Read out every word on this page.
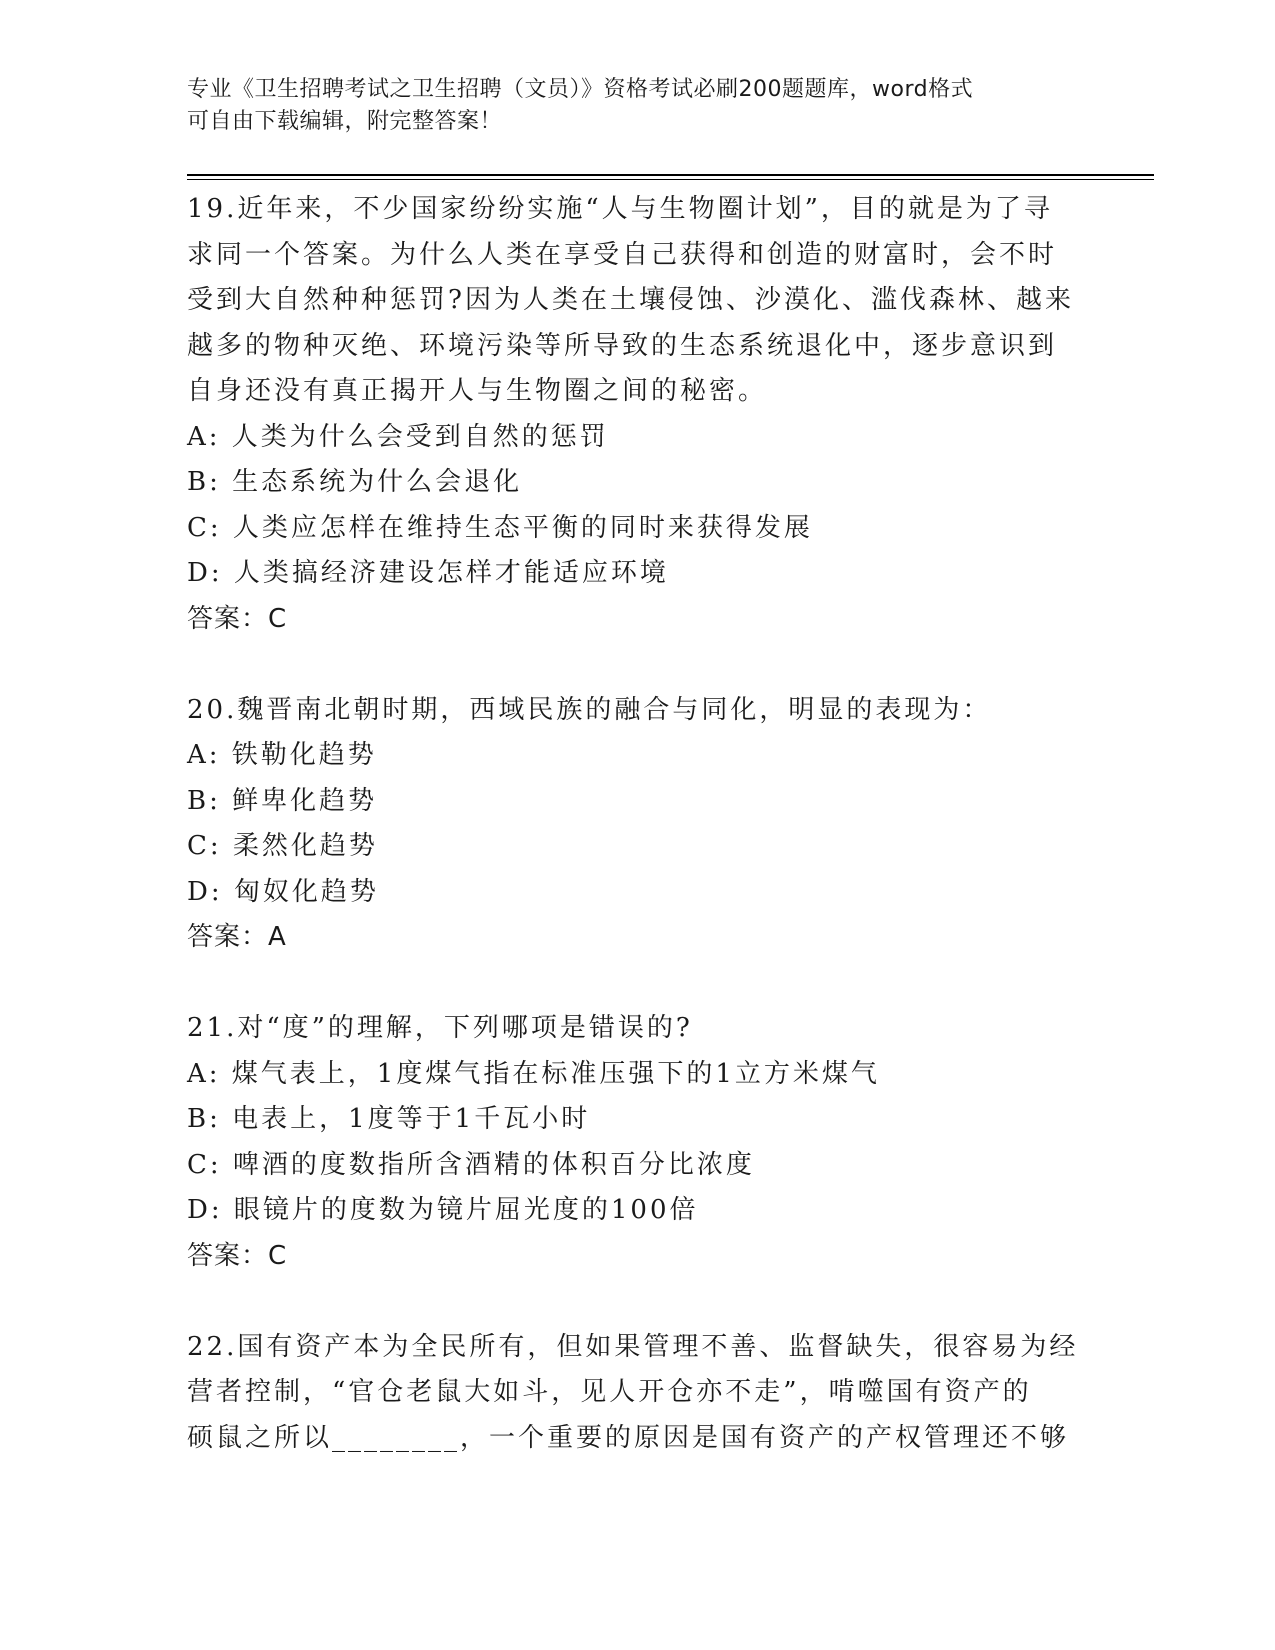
专业《卫生招聘考试之卫生招聘（文员）》资格考试必刷200题题库，word格式
可自由下载编辑，附完整答案！

19.近年来，不少国家纷纷实施“人与生物圈计划”，目的就是为了寻

求同一个答案。为什么人类在享受自己获得和创造的财富时，会不时

受到大自然种种惩罚?因为人类在土壤侵蚀、沙漠化、滥伐森林、越来

越多的物种灭绝、环境污染等所导致的生态系统退化中，逐步意识到

自身还没有真正揭开人与生物圈之间的秘密。

A: 人类为什么会受到自然的惩罚

B: 生态系统为什么会退化

C: 人类应怎样在维持生态平衡的同时来获得发展

D: 人类搞经济建设怎样才能适应环境

答案：C

20.魏晋南北朝时期，西域民族的融合与同化，明显的表现为：

A: 铁勒化趋势

B: 鲜卑化趋势

C: 柔然化趋势

D: 匈奴化趋势

答案：A

21.对“度”的理解，下列哪项是错误的?

A: 煤气表上，1度煤气指在标准压强下的1立方米煤气

B: 电表上，1度等于1千瓦小时

C: 啤酒的度数指所含酒精的体积百分比浓度

D: 眼镜片的度数为镜片屈光度的100倍

答案：C

22.国有资产本为全民所有，但如果管理不善、监督缺失，很容易为经

营者控制，“官仓老鼠大如斗，见人开仓亦不走”，啃噬国有资产的

硕鼠之所以________，一个重要的原因是国有资产的产权管理还不够
